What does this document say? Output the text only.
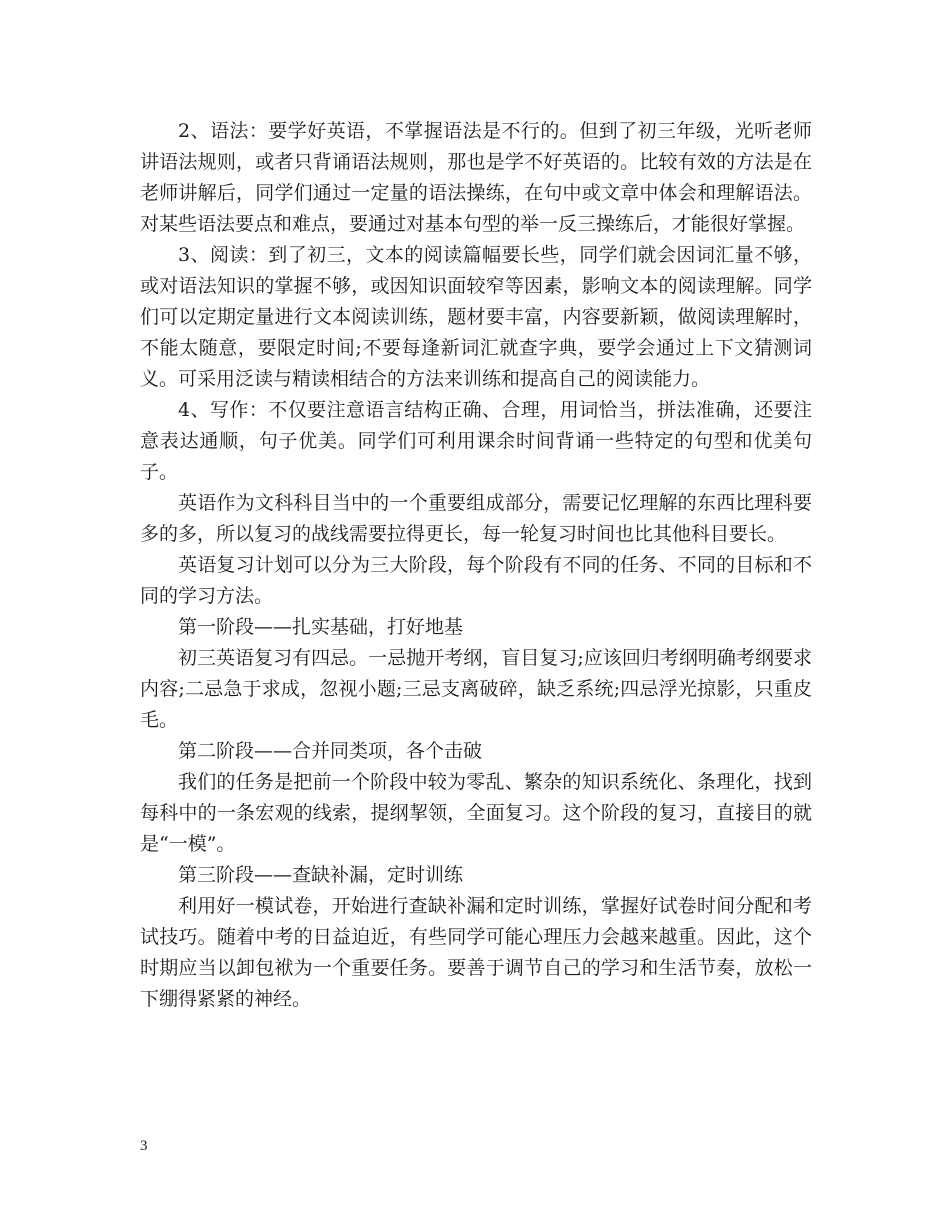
2、语法：要学好英语，不掌握语法是不行的。但到了初三年级，光听老师讲语法规则，或者只背诵语法规则，那也是学不好英语的。比较有效的方法是在老师讲解后，同学们通过一定量的语法操练，在句中或文章中体会和理解语法。对某些语法要点和难点，要通过对基本句型的举一反三操练后，才能很好掌握。

3、阅读：到了初三，文本的阅读篇幅要长些，同学们就会因词汇量不够，或对语法知识的掌握不够，或因知识面较窄等因素，影响文本的阅读理解。同学们可以定期定量进行文本阅读训练，题材要丰富，内容要新颖，做阅读理解时，不能太随意，要限定时间;不要每逢新词汇就查字典，要学会通过上下文猜测词义。可采用泛读与精读相结合的方法来训练和提高自己的阅读能力。

4、写作：不仅要注意语言结构正确、合理，用词恰当，拼法准确，还要注意表达通顺，句子优美。同学们可利用课余时间背诵一些特定的句型和优美句子。

英语作为文科科目当中的一个重要组成部分，需要记忆理解的东西比理科要多的多，所以复习的战线需要拉得更长，每一轮复习时间也比其他科目要长。

英语复习计划可以分为三大阶段，每个阶段有不同的任务、不同的目标和不同的学习方法。

第一阶段——扎实基础，打好地基

初三英语复习有四忌。一忌抛开考纲，盲目复习;应该回归考纲明确考纲要求内容;二忌急于求成，忽视小题;三忌支离破碎，缺乏系统;四忌浮光掠影，只重皮毛。

第二阶段——合并同类项，各个击破

我们的任务是把前一个阶段中较为零乱、繁杂的知识系统化、条理化，找到每科中的一条宏观的线索，提纲挈领，全面复习。这个阶段的复习，直接目的就是“一模”。

第三阶段——查缺补漏，定时训练

利用好一模试卷，开始进行查缺补漏和定时训练，掌握好试卷时间分配和考试技巧。随着中考的日益迫近，有些同学可能心理压力会越来越重。因此，这个时期应当以卸包袱为一个重要任务。要善于调节自己的学习和生活节奏，放松一下绷得紧紧的神经。

3
